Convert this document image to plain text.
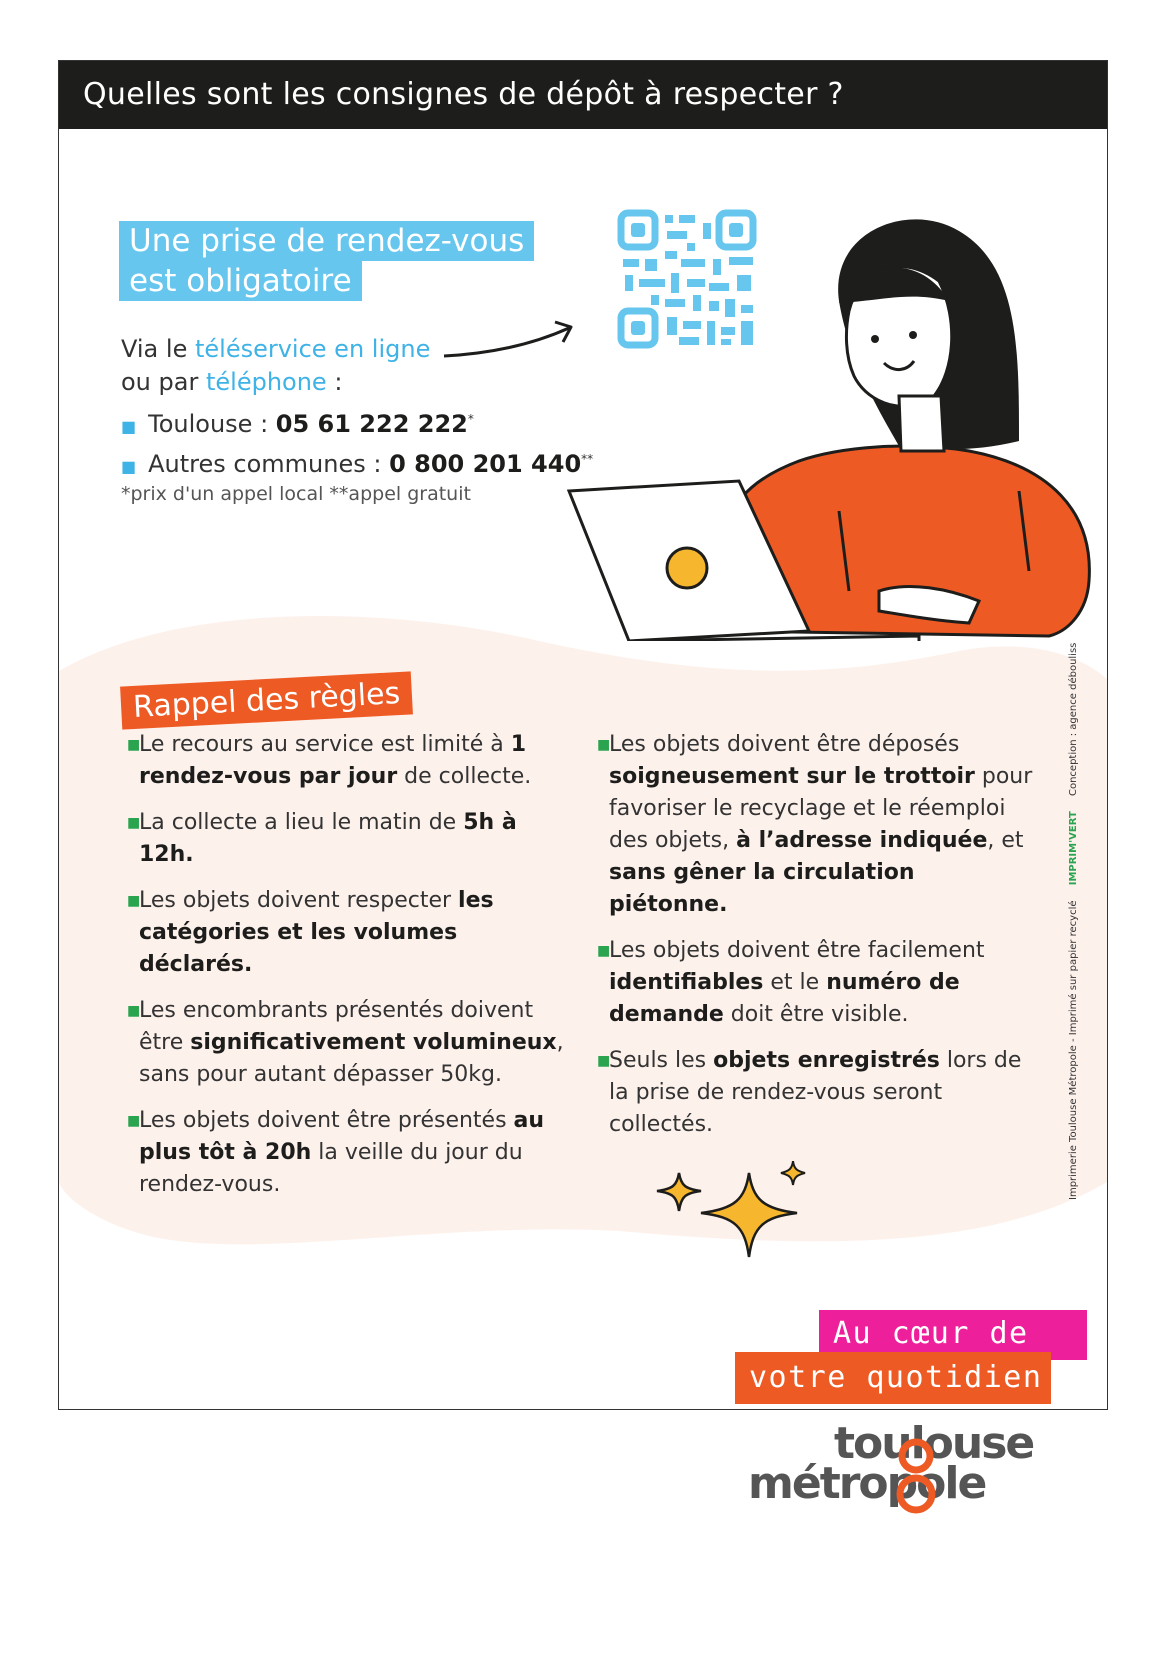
Quelles sont les consignes de dépôt à respecter ?
Une prise de rendez-vous est obligatoire
Via le téléservice en ligne
ou par téléphone :
■ Toulouse : 05 61 222 222*
■ Autres communes : 0 800 201 440**
*prix d'un appel local **appel gratuit
Rappel des règles
■
Le recours au service est limité à 1 rendez-vous par jour de collecte.
■
La collecte a lieu le matin de 5h à 12h.
■
Les objets doivent respecter les catégories et les volumes déclarés.
■
Les encombrants présentés doivent être significativement volumineux, sans pour autant dépasser 50kg.
■
Les objets doivent être présentés au plus tôt à 20h la veille du jour du rendez-vous.
■
Les objets doivent être déposés soigneusement sur le trottoir pour favoriser le recyclage et le réemploi des objets, à l’adresse indiquée, et sans gêner la circulation piétonne.
■
Les objets doivent être facilement identifiables et le numéro de demande doit être visible.
■
Seuls les objets enregistrés lors de la prise de rendez-vous seront collectés.	Imprimerie Toulouse Métropole - Imprimé sur papier recyclé IMPRIM'VERT Conception : agence débouliss
Au cœur de
votre quotidien
toulouse
métropole
